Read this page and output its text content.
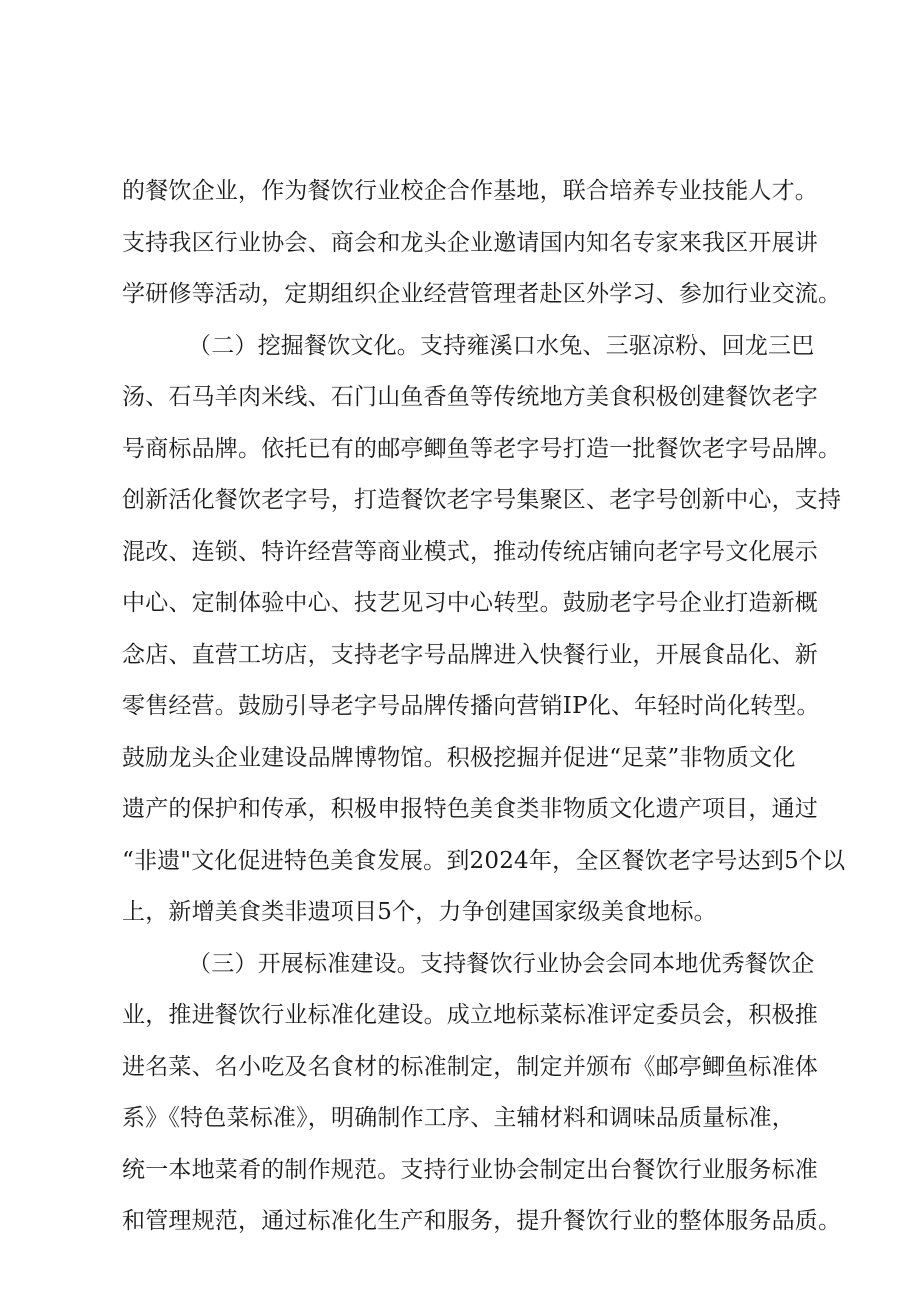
的餐饮企业，作为餐饮行业校企合作基地，联合培养专业技能人才。
支持我区行业协会、商会和龙头企业邀请国内知名专家来我区开展讲
学研修等活动，定期组织企业经营管理者赴区外学习、参加行业交流。
（二）挖掘餐饮文化。支持雍溪口水兔、三驱凉粉、回龙三巴
汤、石马羊肉米线、石门山鱼香鱼等传统地方美食积极创建餐饮老字
号商标品牌。依托已有的邮亭鲫鱼等老字号打造一批餐饮老字号品牌。
创新活化餐饮老字号，打造餐饮老字号集聚区、老字号创新中心，支持
混改、连锁、特许经营等商业模式，推动传统店铺向老字号文化展示
中心、定制体验中心、技艺见习中心转型。鼓励老字号企业打造新概
念店、直营工坊店，支持老字号品牌进入快餐行业，开展食品化、新
零售经营。鼓励引导老字号品牌传播向营销IP化、年轻时尚化转型。
鼓励龙头企业建设品牌博物馆。积极挖掘并促进“足菜”非物质文化
遗产的保护和传承，积极申报特色美食类非物质文化遗产项目，通过
“非遗"文化促进特色美食发展。到2024年，全区餐饮老字号达到5个以
上，新增美食类非遗项目5个，力争创建国家级美食地标。
（三）开展标准建设。支持餐饮行业协会会同本地优秀餐饮企
业，推进餐饮行业标准化建设。成立地标菜标准评定委员会，积极推
进名菜、名小吃及名食材的标准制定，制定并颁布《邮亭鲫鱼标准体
系》《特色菜标准》，明确制作工序、主辅材料和调味品质量标准，
统一本地菜肴的制作规范。支持行业协会制定出台餐饮行业服务标准
和管理规范，通过标准化生产和服务，提升餐饮行业的整体服务品质。
